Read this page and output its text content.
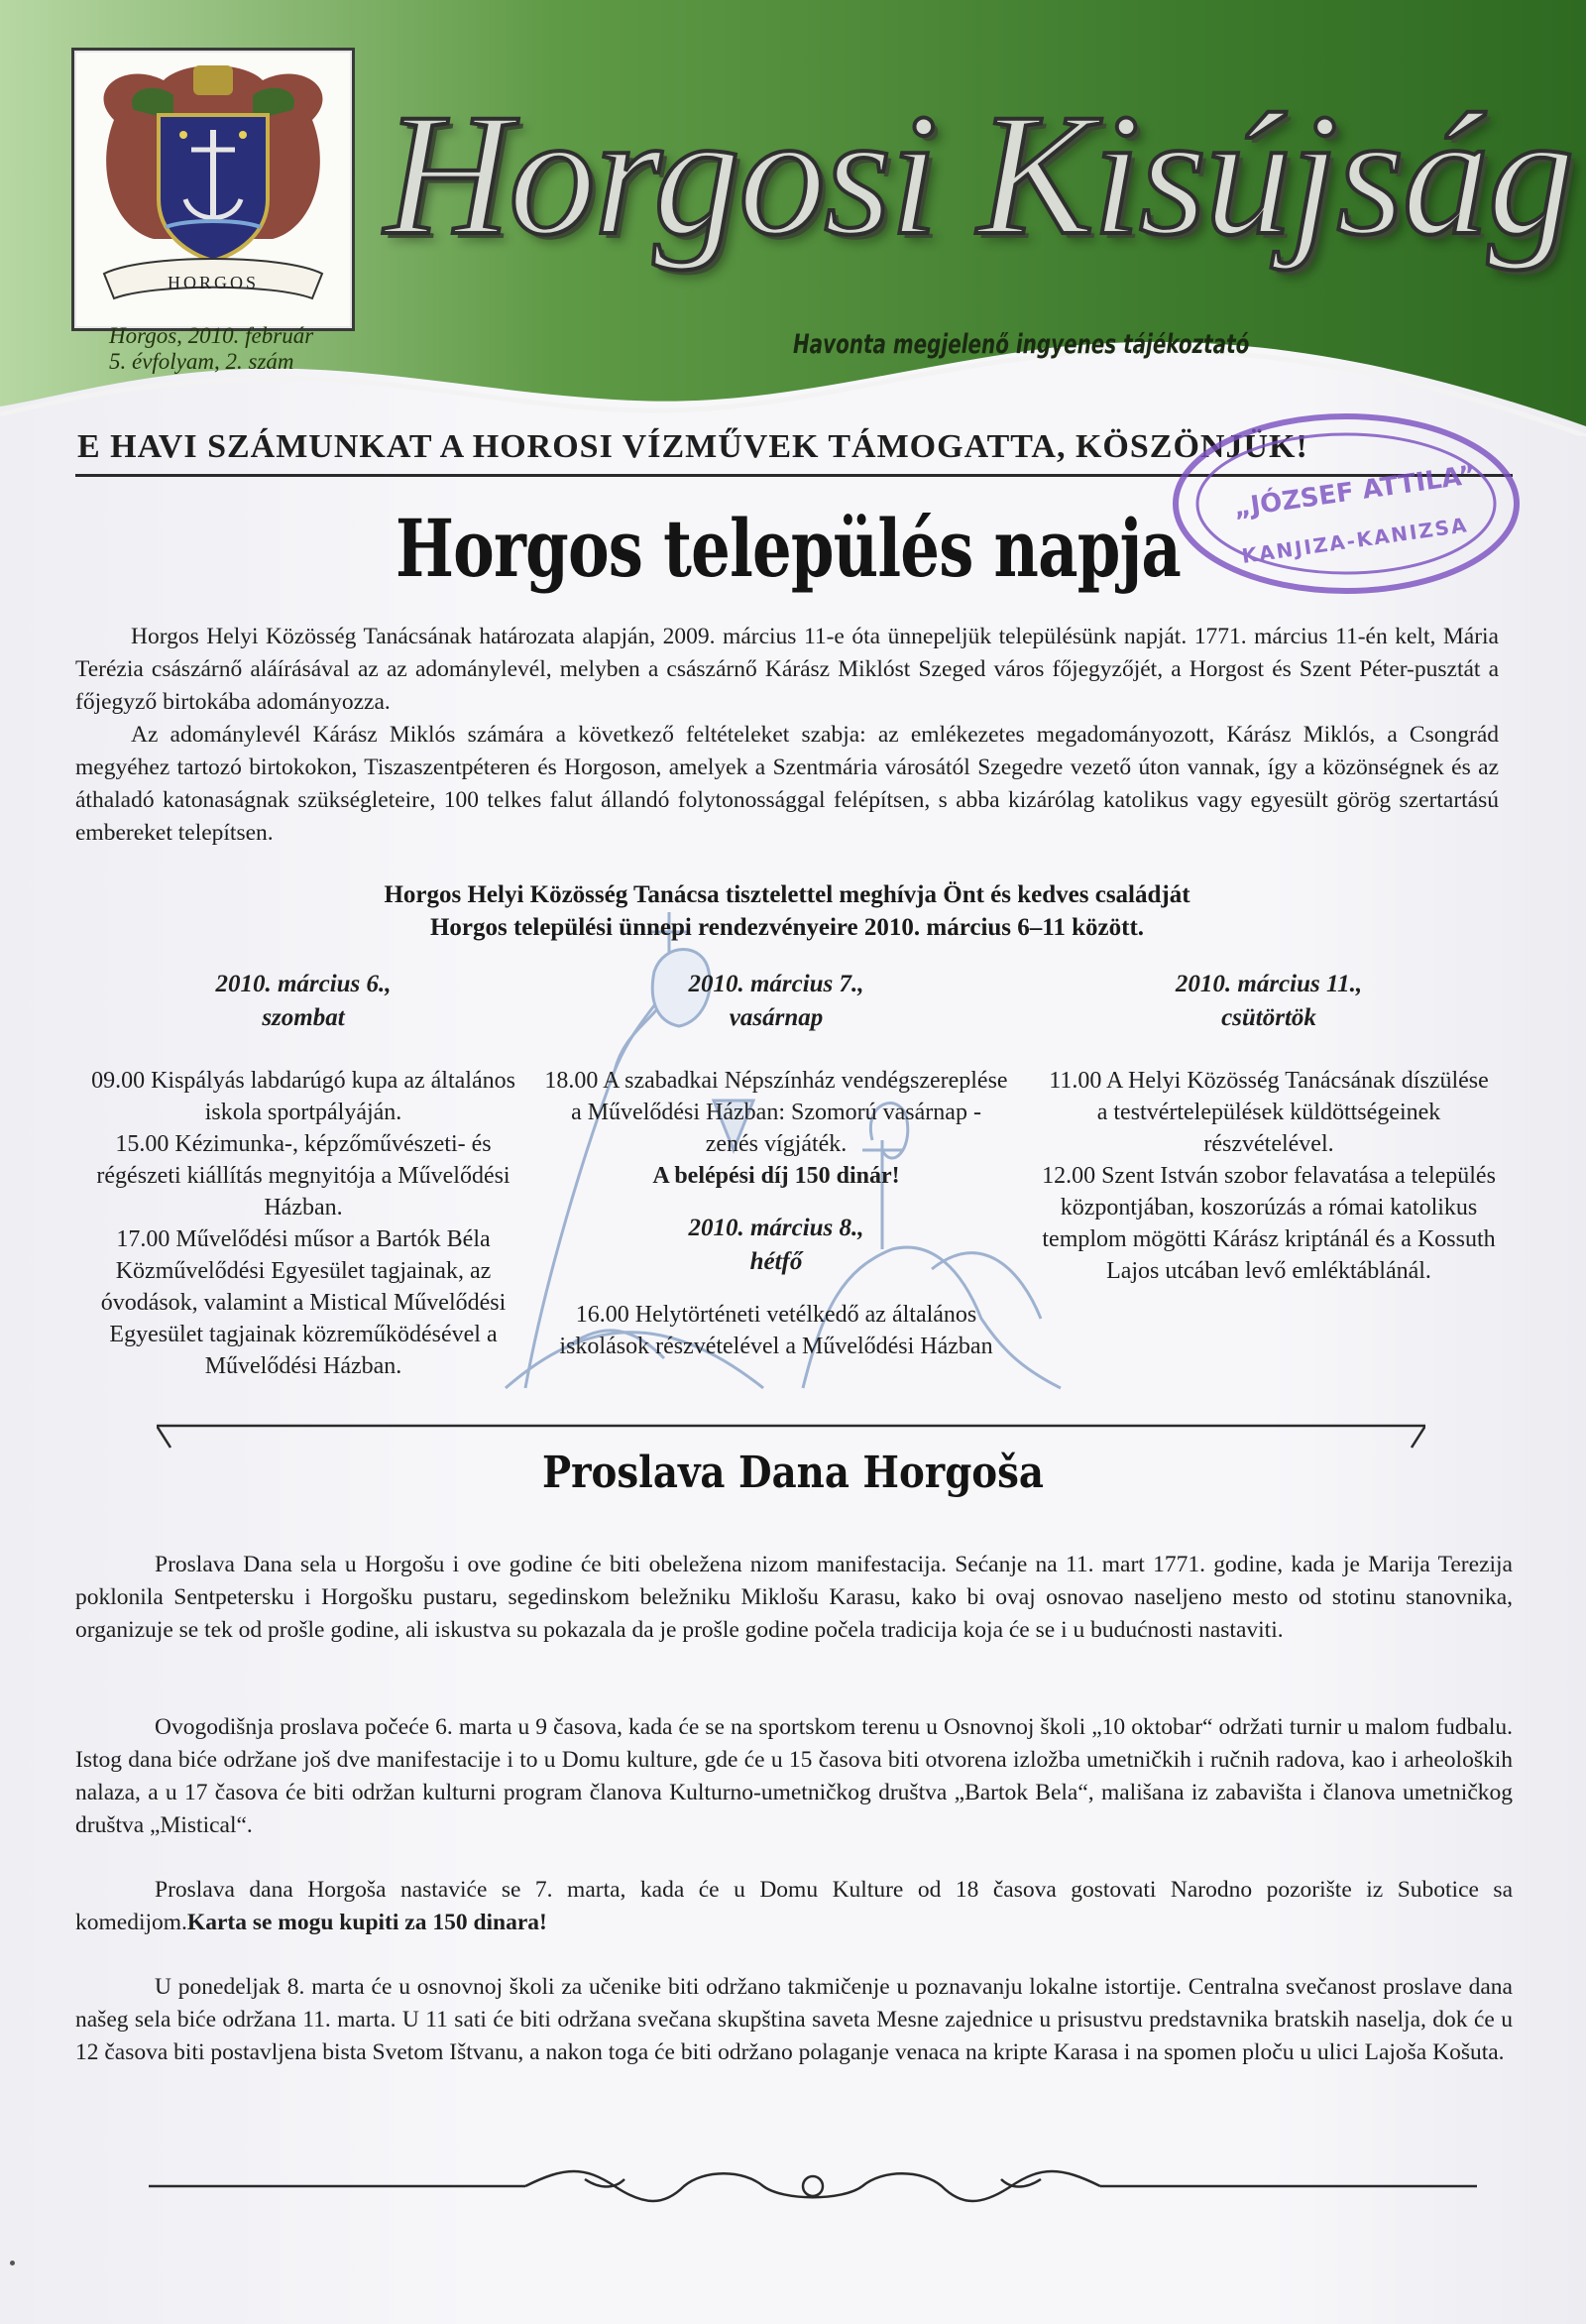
HORGOS
Horgos, 2010. február
5. évfolyam, 2. szám
Horgosi Kisújság
Havonta megjelenő ingyenes tájékoztató
E HAVI SZÁMUNKAT A HOROSI VÍZMŰVEK TÁMOGATTA, KÖSZÖNJÜK!
„JÓZSEF ATTILA”
KANJIZA-KANIZSA
Horgos település napja

Horgos Helyi Közösség Tanácsának határozata alapján, 2009. március 11-e óta ünnepeljük településünk napját. 1771. március 11-én kelt, Mária Terézia császárnő aláírásával az az adománylevél, melyben a császárnő Kárász Miklóst Szeged város főjegyzőjét, a Horgost és Szent Péter-pusztát a főjegyző birtokába adományozza.

Az adománylevél Kárász Miklós számára a következő feltételeket szabja: az emlékezetes megadományozott, Kárász Miklós, a Csongrád megyéhez tartozó birtokokon, Tiszaszentpéteren és Horgoson, amelyek a Szentmária városától Szegedre vezető úton vannak, így a közönségnek és az áthaladó katonaságnak szükségleteire, 100 telkes falut állandó folytonossággal felépítsen, s abba kizárólag katolikus vagy egyesült görög szertartású embereket telepítsen.

Horgos Helyi Közösség Tanácsa tisztelettel meghívja Önt és kedves családját
Horgos települési ünnepi rendezvényeire 2010. március 6–11 között.
2010. március 6.,
szombat
09.00 Kispályás labdarúgó kupa az általános iskola sportpályáján.
15.00 Kézimunka-, képzőművészeti- és régészeti kiállítás megnyitója a Művelődési Házban.
17.00 Művelődési műsor a Bartók Béla Közművelődési Egyesület tagjainak, az óvodások, valamint a Mistical Művelődési Egyesület tagjainak közreműködésével a Művelődési Házban.
2010. március 7.,
vasárnap
18.00 A szabadkai Népszínház vendégszereplése a Művelődési Házban: Szomorú vasárnap - zenés vígjáték.
A belépési díj 150 dinár!
2010. március 8.,
hétfő
16.00 Helytörténeti vetélkedő az általános iskolások részvételével a Művelődési Házban
2010. március 11.,
csütörtök
11.00 A Helyi Közösség Tanácsának díszülése a testvértelepülések küldöttségeinek részvételével.
12.00 Szent István szobor felavatása a település központjában, koszorúzás a római katolikus templom mögötti Kárász kriptánál és a Kossuth Lajos utcában levő emléktáblánál.
Proslava Dana Horgoša

Proslava Dana sela u Horgošu i ove godine će biti obeležena nizom manifestacija. Sećanje na 11. mart 1771. godine, kada je Marija Terezija poklonila Sentpetersku i Horgošku pustaru, segedinskom beležniku Miklošu Karasu, kako bi ovaj osnovao naseljeno mesto od stotinu stanovnika, organizuje se tek od prošle godine, ali iskustva su pokazala da je prošle godine počela tradicija koja će se i u budućnosti nastaviti.

Ovogodišnja proslava počeće 6. marta u 9 časova, kada će se na sportskom terenu u Osnovnoj školi „10 oktobar“ održati turnir u malom fudbalu. Istog dana biće održane još dve manifestacije i to u Domu kulture, gde će u 15 časova biti otvorena izložba umetničkih i ručnih radova, kao i arheoloških nalaza, a u 17 časova će biti održan kulturni program članova Kulturno-umetničkog društva „Bartok Bela“, mališana iz zabavišta i članova umetničkog društva „Mistical“.

Proslava dana Horgoša nastaviće se 7. marta, kada će u Domu Kulture od 18 časova gostovati Narodno pozorište iz Subotice sa komedijom.Karta se mogu kupiti za 150 dinara!

U ponedeljak 8. marta će u osnovnoj školi za učenike biti održano takmičenje u poznavanju lokalne istortije. Centralna svečanost proslave dana našeg sela biće održana 11. marta. U 11 sati će biti održana svečana skupština saveta Mesne zajednice u prisustvu predstavnika bratskih naselja, dok će u 12 časova biti postavljena bista Svetom Ištvanu, a nakon toga će biti održano polaganje venaca na kripte Karasa i na spomen ploču u ulici Lajoša Košuta.
